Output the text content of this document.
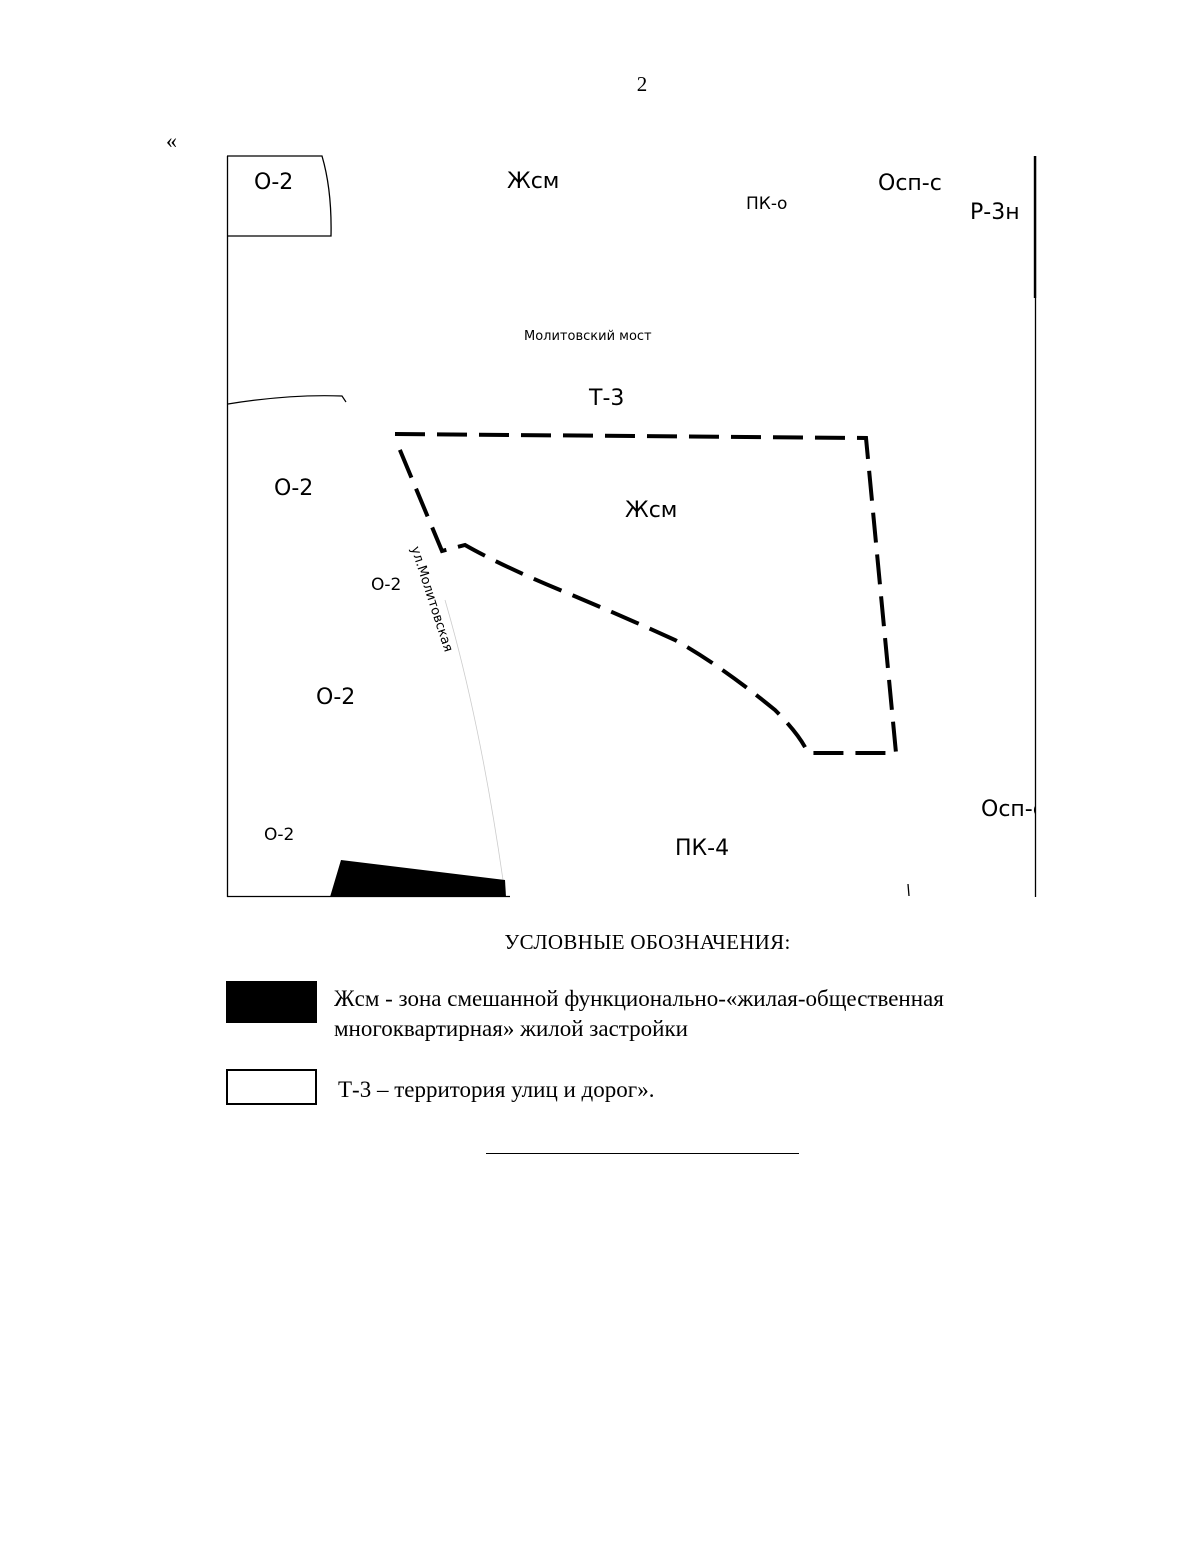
2
«
О-2	Жсм
ПК-о
Осп-с
Р-3н
Молитовский мост
Т-3
О-2
Жсм
ул.Молитовская
О-2
О-2
Осп-с
О-2
ПК-4
УСЛОВНЫЕ ОБОЗНАЧЕНИЯ:
Жсм - зона смешанной функционально-«жилая-общественная многоквартирная» жилой застройки
Т-3 – территория улиц и дорог».
